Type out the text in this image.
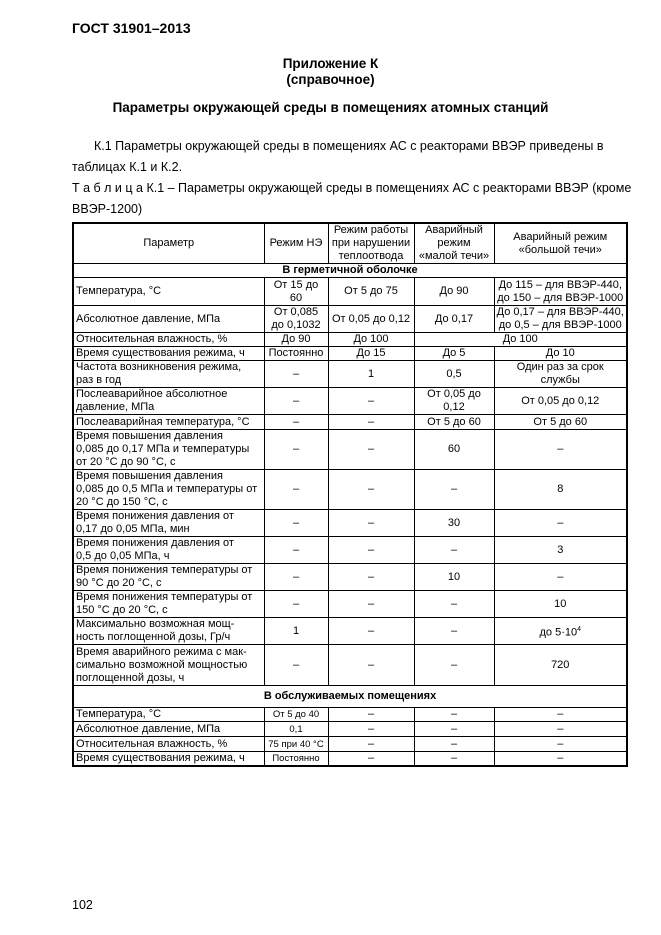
ГОСТ 31901–2013
Приложение К
(справочное)
Параметры окружающей среды в помещениях атомных станций
К.1 Параметры окружающей среды в помещениях АС с реакторами ВВЭР приведены в таблицах К.1 и К.2.
Т а б л и ц а К.1 – Параметры окружающей среды в помещениях АС с реакторами ВВЭР (кроме ВВЭР-1200)
Параметр	Режим НЭ	Режим работы
при нарушении
теплоотвода	Аварийный
режим
«малой течи»	Аварийный режим
«большой течи»
В герметичной оболочке				
Температура, °С	От 15 до
60	От 5 до 75	До 90	До 115 – для ВВЭР-440,
до 150 – для ВВЭР-1000
Абсолютное давление, МПа	От 0,085
до 0,1032	От 0,05 до 0,12	До 0,17	До 0,17 – для ВВЭР-440,
до 0,5 – для ВВЭР-1000
Относительная влажность, %	До 90	До 100	До 100	
Время существования режима, ч	Постоянно	До 15	До 5	До 10
Частота возникновения режима,
раз в год	–	1	0,5	Один раз за срок
службы
Послеаварийное абсолютное
давление, МПа	–	–	От 0,05 до
0,12	От 0,05 до 0,12
Послеаварийная температура, °С	–	–	От 5 до 60	От 5 до 60
Время повышения давления
0,085 до 0,17 МПа и температуры
от 20 °С до 90 °С, с	–	–	60	–
Время повышения давления
0,085 до 0,5 МПа и температуры от
20 °С до 150 °С, с	–	–	–	8
Время понижения давления от
0,17 до 0,05 МПа, мин	–	–	30	–
Время понижения давления от
0,5 до 0,05 МПа, ч	–	–	–	3
Время понижения температуры от
90 °С до 20 °С, с	–	–	10	–
Время понижения температуры от
150 °С до 20 °С, с	–	–	–	10
Максимально возможная мощ-
ность поглощенной дозы, Гр/ч	1	–	–	до $5\cdot 10^4$
Время аварийного режима с мак-
симально возможной мощностью
поглощенной дозы, ч	–	–	–	720
В обслуживаемых помещениях				
Температура, °С	От 5 до 40	–	–	–
Абсолютное давление, МПа	0,1	–	–	–
Относительная влажность, %	75 при 40 °С	–	–	–
Время существования режима, ч	Постоянно	–	–	–
102
